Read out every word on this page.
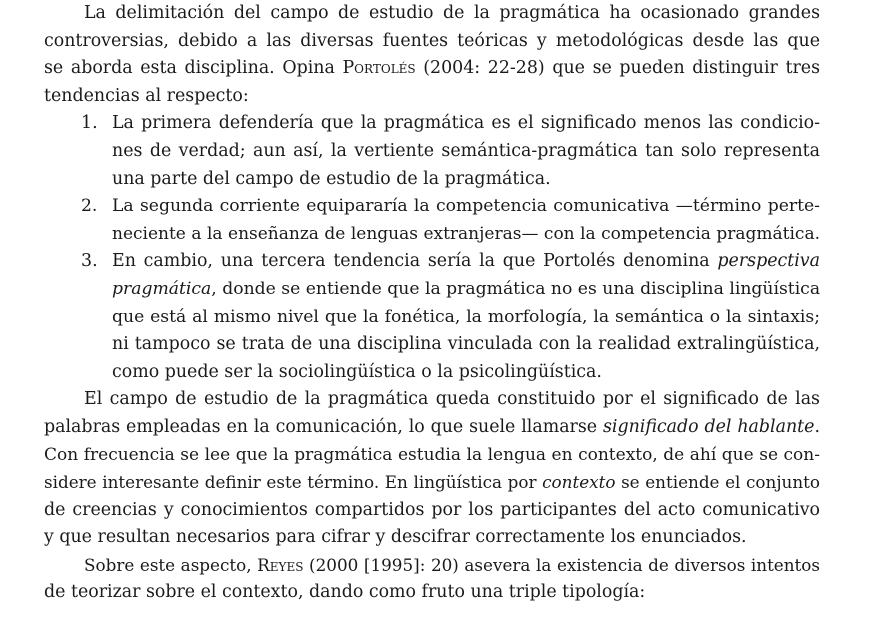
La delimitación del campo de estudio de la pragmática ha ocasionado grandes
controversias, debido a las diversas fuentes teóricas y metodológicas desde las que
se aborda esta disciplina. Opina Portolés (2004: 22-28) que se pueden distinguir tres
tendencias al respecto:
1. La primera defendería que la pragmática es el significado menos las condicio-
nes de verdad; aun así, la vertiente semántica-pragmática tan solo representa
una parte del campo de estudio de la pragmática.
2. La segunda corriente equipararía la competencia comunicativa —término perte-
neciente a la enseñanza de lenguas extranjeras— con la competencia pragmática.
3. En cambio, una tercera tendencia sería la que Portolés denomina perspectiva
pragmática, donde se entiende que la pragmática no es una disciplina lingüística
que está al mismo nivel que la fonética, la morfología, la semántica o la sintaxis;
ni tampoco se trata de una disciplina vinculada con la realidad extralingüística,
como puede ser la sociolingüística o la psicolingüística.
El campo de estudio de la pragmática queda constituido por el significado de las
palabras empleadas en la comunicación, lo que suele llamarse significado del hablante.
Con frecuencia se lee que la pragmática estudia la lengua en contexto, de ahí que se con-
sidere interesante definir este término. En lingüística por contexto se entiende el conjunto
de creencias y conocimientos compartidos por los participantes del acto comunicativo
y que resultan necesarios para cifrar y descifrar correctamente los enunciados.
Sobre este aspecto, Reyes (2000 [1995]: 20) asevera la existencia de diversos intentos
de teorizar sobre el contexto, dando como fruto una triple tipología:
